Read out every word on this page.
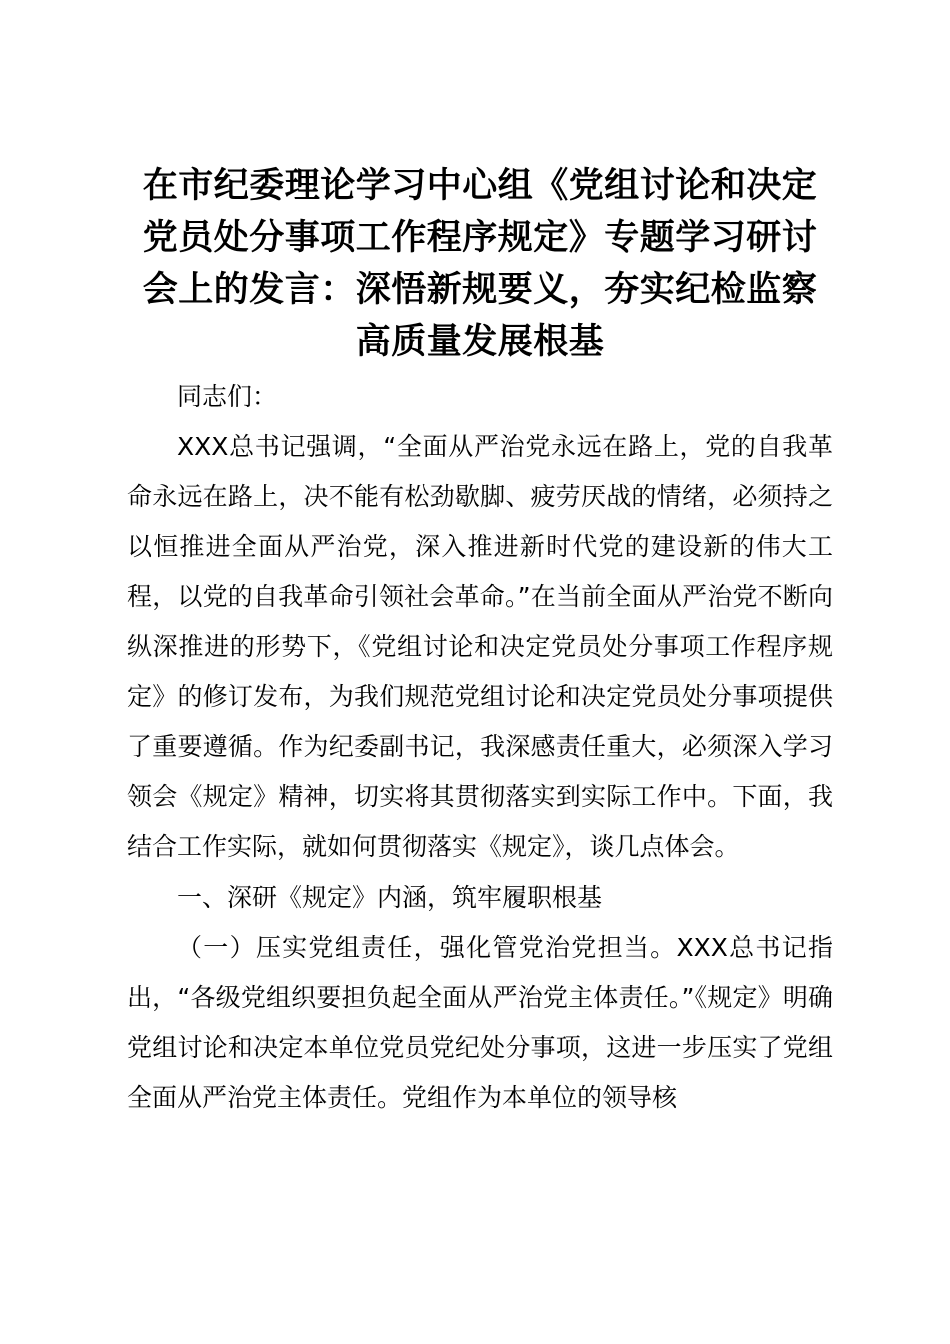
在市纪委理论学习中心组《党组讨论和决定党员处分事项工作程序规定》专题学习研讨会上的发言：深悟新规要义，夯实纪检监察高质量发展根基

同志们：

XXX总书记强调，“全面从严治党永远在路上，党的自我革命永远在路上，决不能有松劲歇脚、疲劳厌战的情绪，必须持之以恒推进全面从严治党，深入推进新时代党的建设新的伟大工程，以党的自我革命引领社会革命。”在当前全面从严治党不断向纵深推进的形势下，《党组讨论和决定党员处分事项工作程序规定》的修订发布，为我们规范党组讨论和决定党员处分事项提供了重要遵循。作为纪委副书记，我深感责任重大，必须深入学习领会《规定》精神，切实将其贯彻落实到实际工作中。下面，我结合工作实际，就如何贯彻落实《规定》，谈几点体会。

一、深研《规定》内涵，筑牢履职根基

（一）压实党组责任，强化管党治党担当。XXX总书记指出，“各级党组织要担负起全面从严治党主体责任。”《规定》明确党组讨论和决定本单位党员党纪处分事项，这进一步压实了党组全面从严治党主体责任。党组作为本单位的领导核
